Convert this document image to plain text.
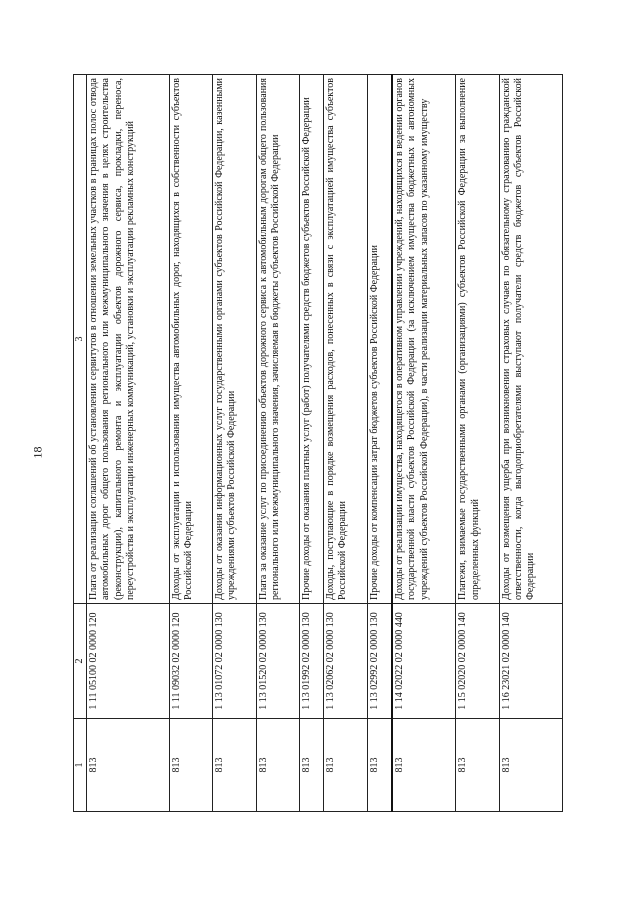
18
1	2	3
813	1 11 05100 02 0000 120	Плата от реализации соглашений об установлении сервитутов в отношении земельных участков в границах полос отвода автомобильных дорог общего пользования регионального или межмуниципального значения в целях строительства (реконструкции), капитального ремонта и эксплуатации объектов дорожного сервиса, прокладки, переноса, переустройства и эксплуатации инженерных коммуникаций, установки и эксплуатации рекламных конструкций
813	1 11 09032 02 0000 120	Доходы от эксплуатации и использования имущества автомобильных дорог, находящихся в собственности субъектов Российской Федерации
813	1 13 01072 02 0000 130	Доходы от оказания информационных услуг государственными органами субъектов Российской Федерации, казенными учреждениями субъектов Российской Федерации
813	1 13 01520 02 0000 130	Плата за оказание услуг по присоединению объектов дорожного сервиса к автомобильным дорогам общего пользования регионального или межмуниципального значения, зачисляемая в бюджеты субъектов Российской Федерации
813	1 13 01992 02 0000 130	Прочие доходы от оказания платных услуг (работ) получателями средств бюджетов субъектов Российской Федерации
813	1 13 02062 02 0000 130	Доходы, поступающие в порядке возмещения расходов, понесенных в связи с эксплуатацией имущества субъектов Российской Федерации
813	1 13 02992 02 0000 130	Прочие доходы от компенсации затрат бюджетов субъектов Российской Федерации
813	1 14 02022 02 0000 440	Доходы от реализации имущества, находящегося в оперативном управлении учреждений, находящихся в ведении органов государственной власти субъектов Российской Федерации (за исключением имущества бюджетных и автономных учреждений субъектов Российской Федерации), в части реализации материальных запасов по указанному имуществу
813	1 15 02020 02 0000 140	Платежи, взимаемые государственными органами (организациями) субъектов Российской Федерации за выполнение определенных функций
813	1 16 23021 02 0000 140	Доходы от возмещения ущерба при возникновении страховых случаев по обязательному страхованию гражданской ответственности, когда выгодоприобретателями выступают получатели средств бюджетов субъектов Российской Федерации
